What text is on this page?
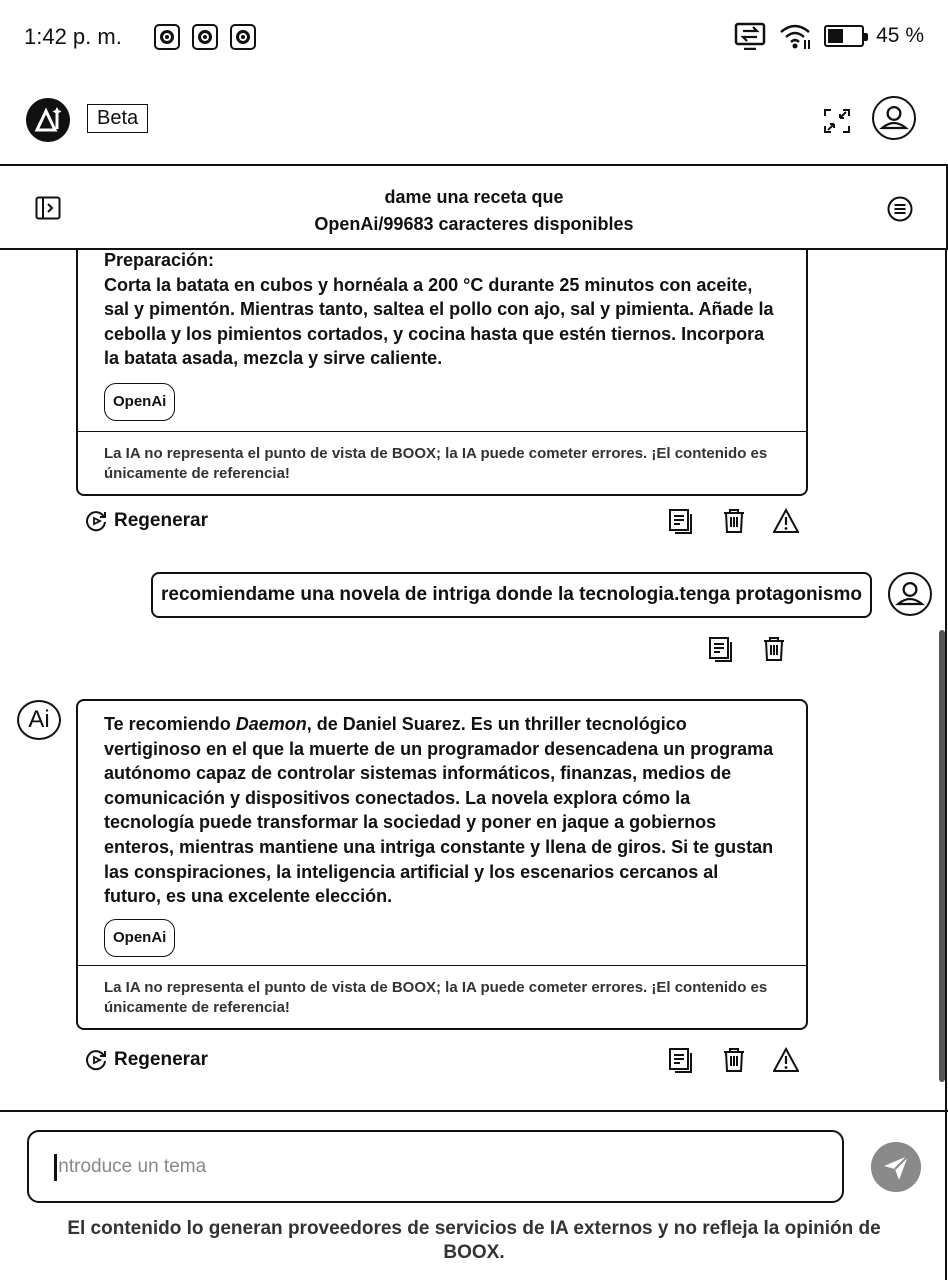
1:42 p. m.	45 %
Beta
dame una receta que
OpenAi/99683 caracteres disponibles
Preparación:
Corta la batata en cubos y hornéala a 200 °C durante 25 minutos con aceite, sal y pimentón. Mientras tanto, saltea el pollo con ajo, sal y pimienta. Añade la cebolla y los pimientos cortados, y cocina hasta que estén tiernos. Incorpora la batata asada, mezcla y sirve caliente.
OpenAi
La IA no representa el punto de vista de BOOX; la IA puede cometer errores. ¡El contenido es únicamente de referencia!
Regenerar
recomiendame una novela de intriga donde la tecnologia.tenga protagonismo
Ai	Te recomiendo Daemon, de Daniel Suarez. Es un thriller tecnológico vertiginoso en el que la muerte de un programador desencadena un programa autónomo capaz de controlar sistemas informáticos, finanzas, medios de comunicación y dispositivos conectados. La novela explora cómo la tecnología puede transformar la sociedad y poner en jaque a gobiernos enteros, mientras mantiene una intriga constante y llena de giros. Si te gustan las conspiraciones, la inteligencia artificial y los escenarios cercanos al futuro, es una excelente elección.
OpenAi
La IA no representa el punto de vista de BOOX; la IA puede cometer errores. ¡El contenido es únicamente de referencia!
Regenerar
Introduce un tema
El contenido lo generan proveedores de servicios de IA externos y no refleja la opinión de BOOX.
